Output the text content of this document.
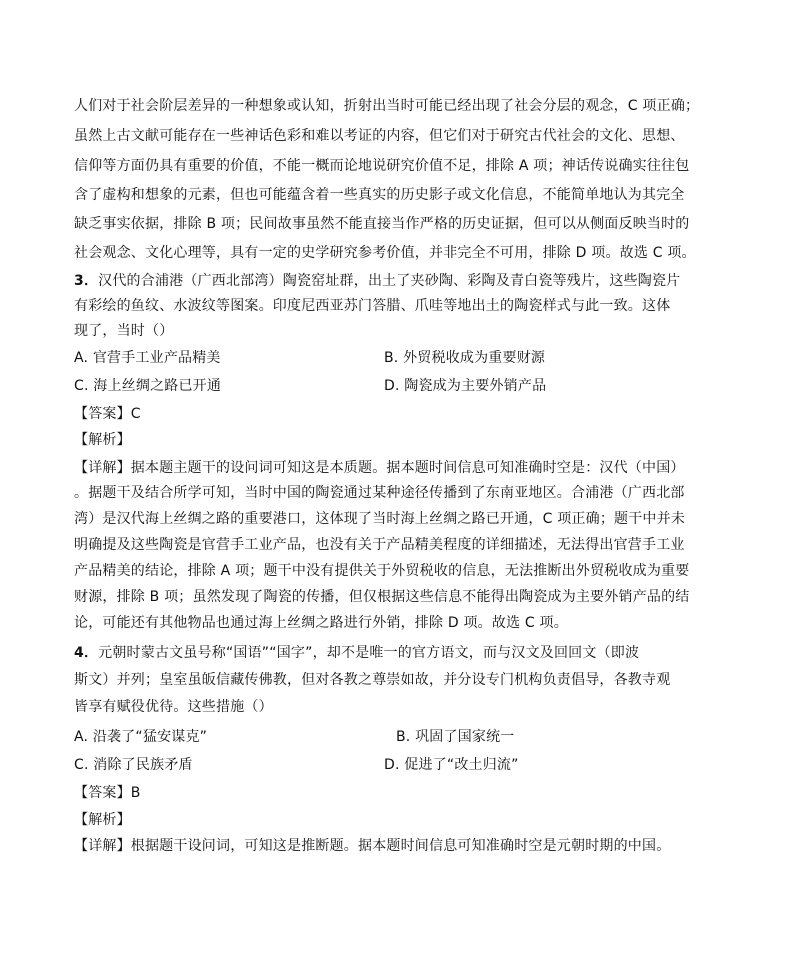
人们对于社会阶层差异的一种想象或认知，折射出当时可能已经出现了社会分层的观念，C 项正确；
虽然上古文献可能存在一些神话色彩和难以考证的内容，但它们对于研究古代社会的文化、思想、
信仰等方面仍具有重要的价值，不能一概而论地说研究价值不足，排除 A 项；神话传说确实往往包
含了虚构和想象的元素，但也可能蕴含着一些真实的历史影子或文化信息，不能简单地认为其完全
缺乏事实依据，排除 B 项；民间故事虽然不能直接当作严格的历史证据，但可以从侧面反映当时的
社会观念、文化心理等，具有一定的史学研究参考价值，并非完全不可用，排除 D 项。故选 C 项。
3．汉代的合浦港（广西北部湾）陶瓷窑址群，出土了夹砂陶、彩陶及青白瓷等残片，这些陶瓷片
有彩绘的鱼纹、水波纹等图案。印度尼西亚苏门答腊、爪哇等地出土的陶瓷样式与此一致。这体
现了，当时（）
A. 官营手工业产品精美	B. 外贸税收成为重要财源
C. 海上丝绸之路已开通	D. 陶瓷成为主要外销产品
【答案】C
【解析】
【详解】据本题主题干的设问词可知这是本质题。据本题时间信息可知准确时空是：汉代（中国）
。据题干及结合所学可知，当时中国的陶瓷通过某种途径传播到了东南亚地区。合浦港（广西北部
湾）是汉代海上丝绸之路的重要港口，这体现了当时海上丝绸之路已开通，C 项正确；题干中并未
明确提及这些陶瓷是官营手工业产品，也没有关于产品精美程度的详细描述，无法得出官营手工业
产品精美的结论，排除 A 项；题干中没有提供关于外贸税收的信息，无法推断出外贸税收成为重要
财源，排除 B 项；虽然发现了陶瓷的传播，但仅根据这些信息不能得出陶瓷成为主要外销产品的结
论，可能还有其他物品也通过海上丝绸之路进行外销，排除 D 项。故选 C 项。
4．元朝时蒙古文虽号称“国语”“国字”，却不是唯一的官方语文，而与汉文及回回文（即波
斯文）并列；皇室虽皈信藏传佛教，但对各教之尊崇如故，并分设专门机构负责倡导，各教寺观
皆享有赋役优待。这些措施（）
A. 沿袭了“猛安谋克”	B. 巩固了国家统一
C. 消除了民族矛盾	D. 促进了“改土归流”
【答案】B
【解析】
【详解】根据题干设问词，可知这是推断题。据本题时间信息可知准确时空是元朝时期的中国。
